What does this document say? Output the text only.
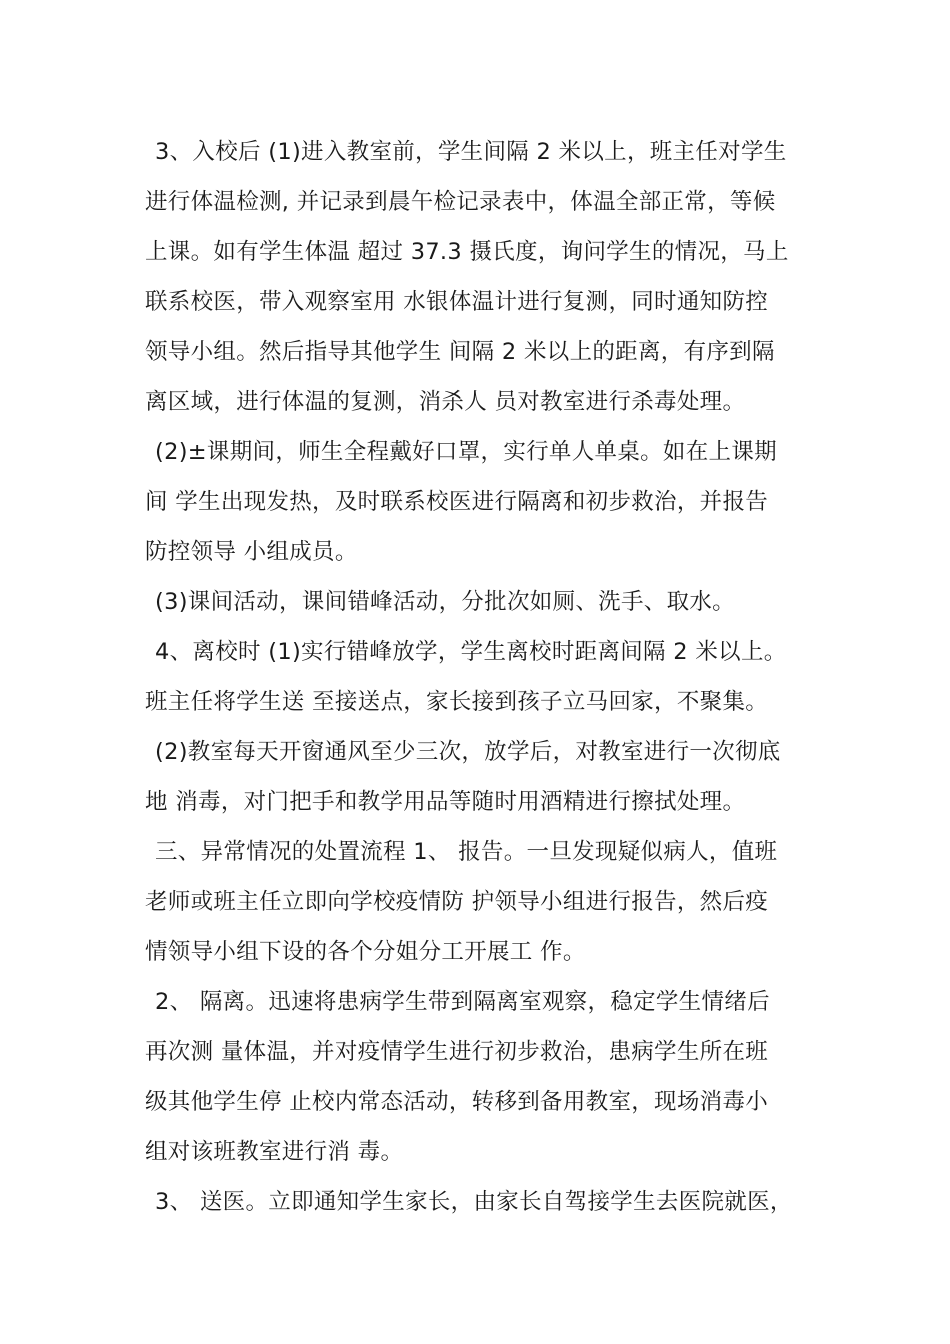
3、入校后 (1)进入教室前，学生间隔 2 米以上，班主任对学生
进行体温检测, 并记录到晨午检记录表中，体温全部正常，等候
上课。如有学生体温 超过 37.3 摄氏度，询问学生的情况，马上
联系校医，带入观察室用 水银体温计进行复测，同时通知防控
领导小组。然后指导其他学生 间隔 2 米以上的距离，有序到隔
离区域，进行体温的复测，消杀人 员对教室进行杀毒处理。
(2)±课期间，师生全程戴好口罩，实行单人单桌。如在上课期
间 学生出现发热，及时联系校医进行隔离和初步救治，并报告
防控领导 小组成员。
(3)课间活动，课间错峰活动，分批次如厕、洗手、取水。
4、离校时 (1)实行错峰放学，学生离校时距离间隔 2 米以上。
班主任将学生送 至接送点，家长接到孩子立马回家，不聚集。
(2)教室每天开窗通风至少三次，放学后，对教室进行一次彻底
地 消毒，对门把手和教学用品等随时用酒精进行擦拭处理。
三、异常情况的处置流程 1、 报告。一旦发现疑似病人，值班
老师或班主任立即向学校疫情防 护领导小组进行报告，然后疫
情领导小组下设的各个分姐分工开展工 作。
2、 隔离。迅速将患病学生带到隔离室观察，稳定学生情绪后
再次测 量体温，并对疫情学生进行初步救治，患病学生所在班
级其他学生停 止校内常态活动，转移到备用教室，现场消毒小
组对该班教室进行消 毒。
3、 送医。立即通知学生家长，由家长自驾接学生去医院就医，
